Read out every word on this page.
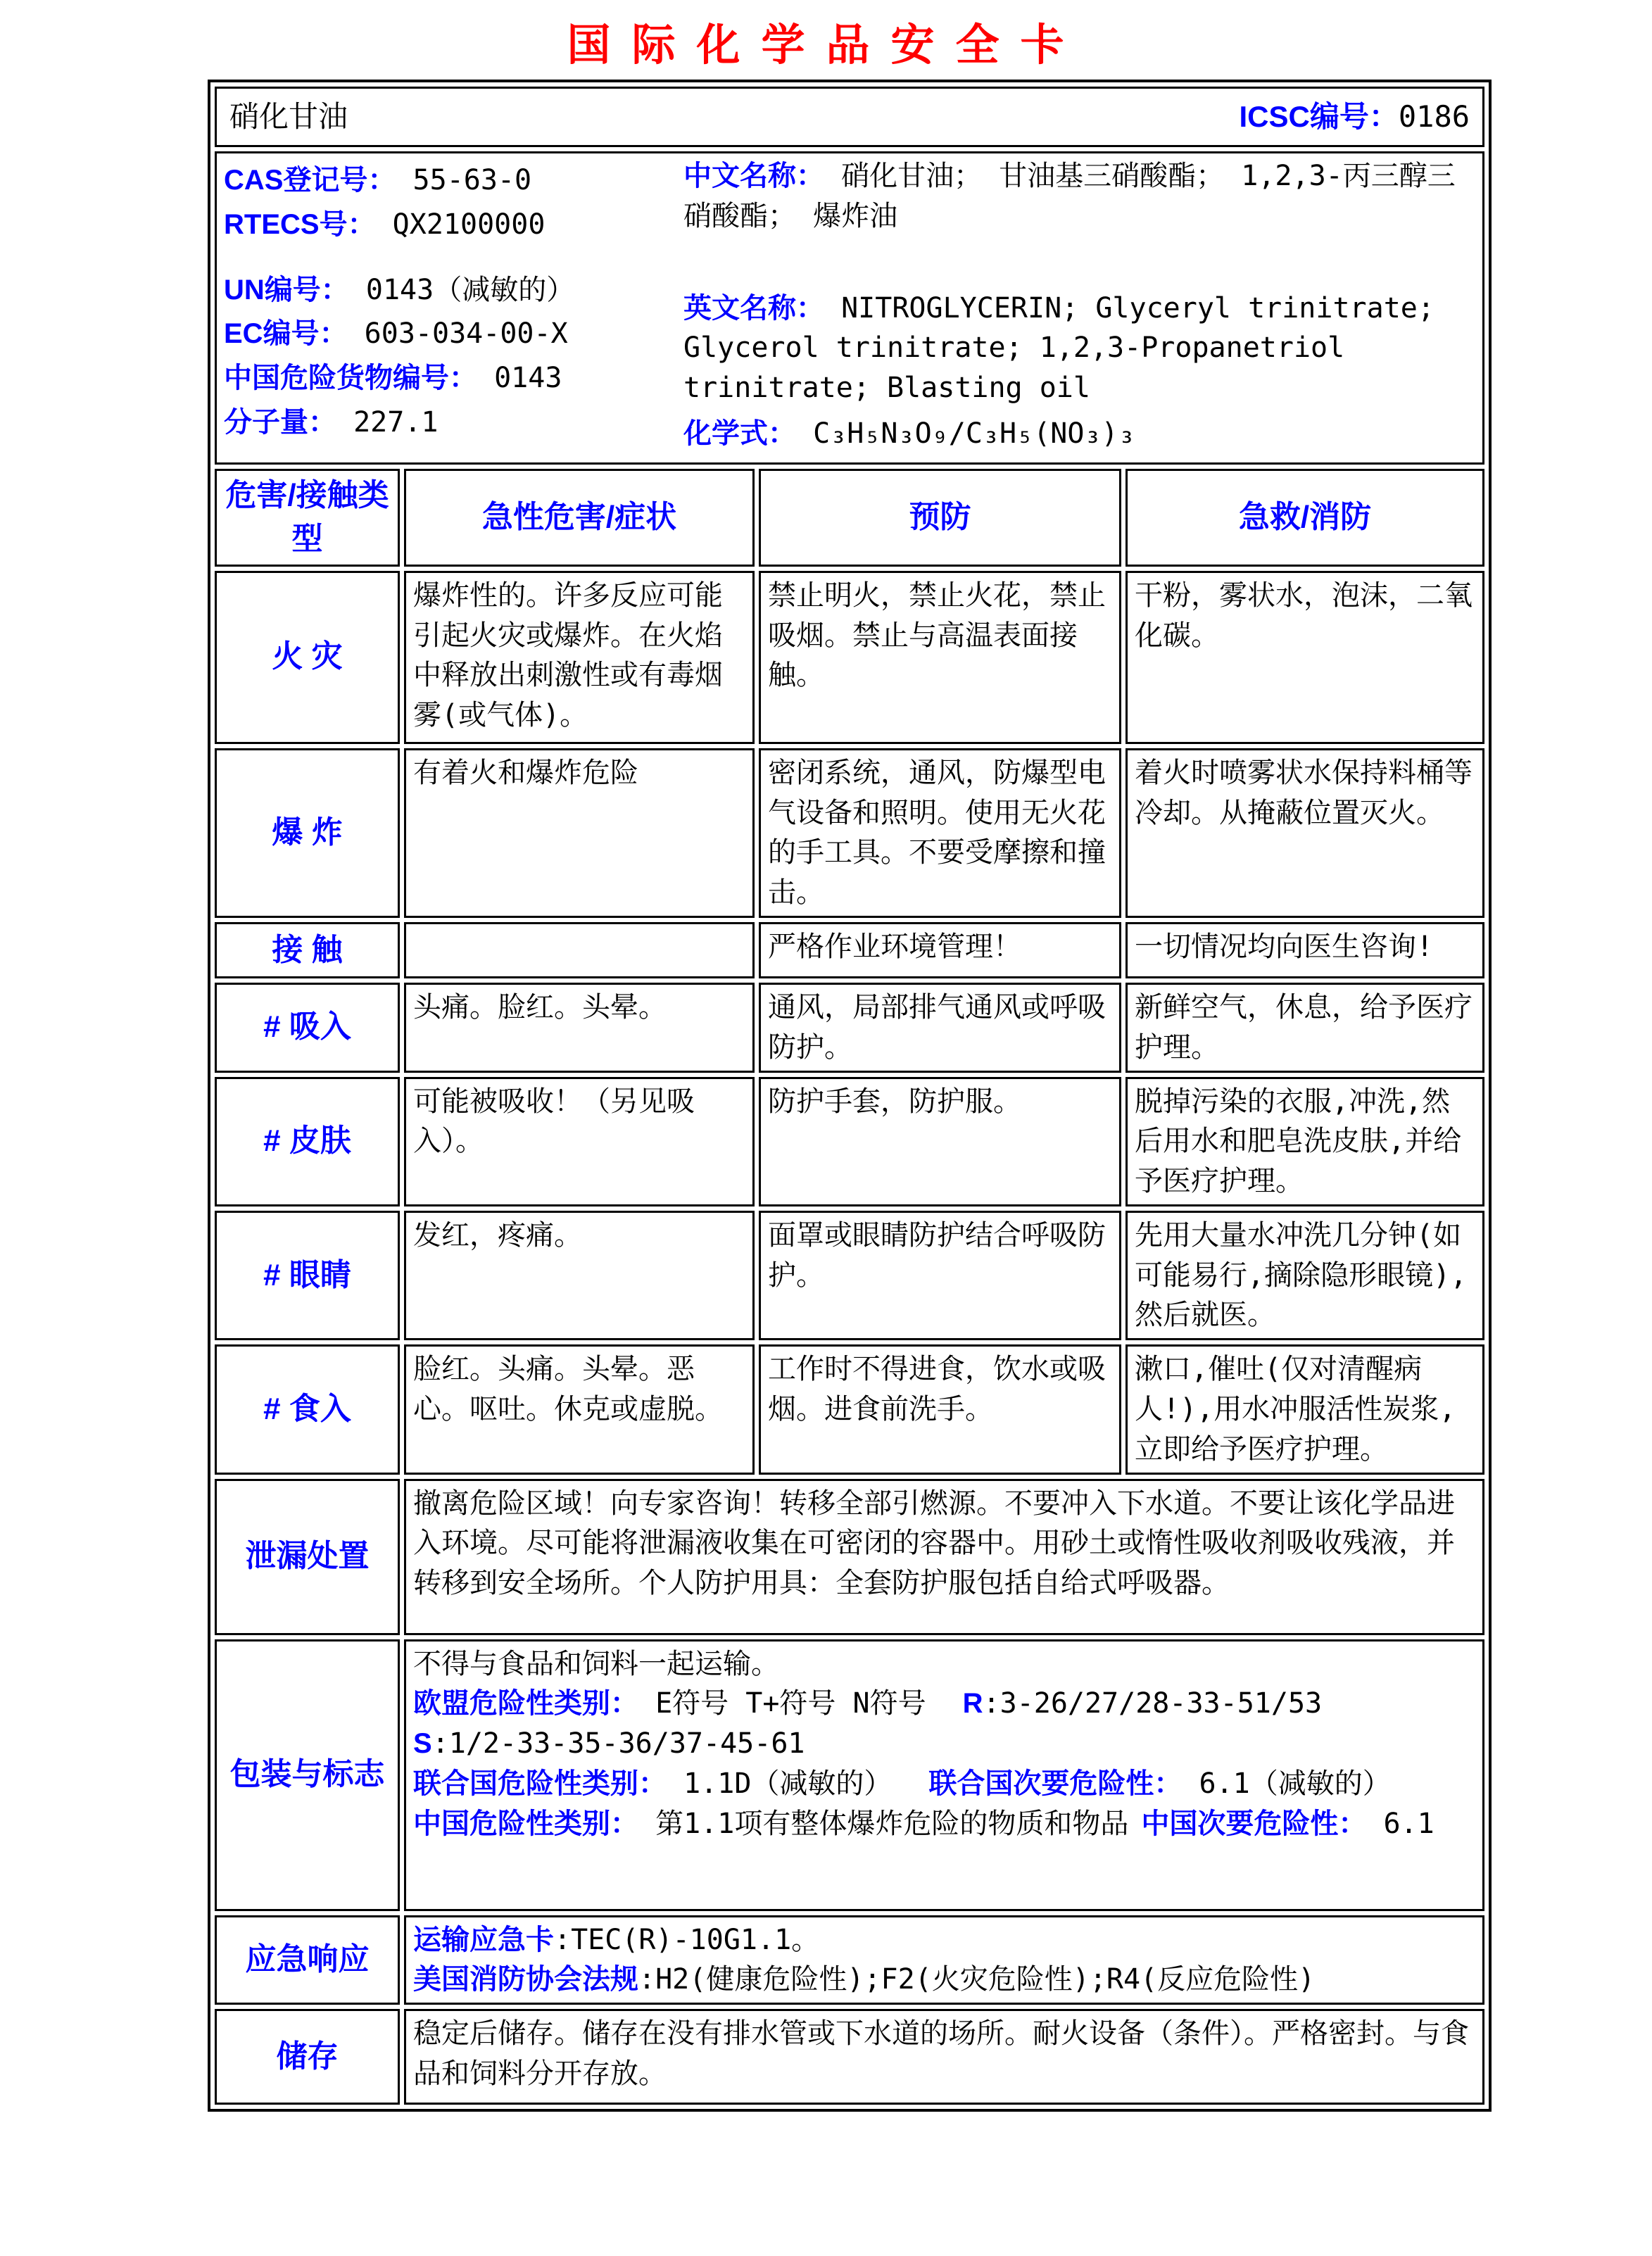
国际化学品安全卡
硝化甘油 ICSC编号：0186			

CAS登记号： 55-63-0
RTECS号： QX2100000
UN编号： 0143（减敏的）
EC编号： 603-034-00-X
中国危险货物编号： 0143
分子量： 227.1

中文名称： 硝化甘油； 甘油基三硝酸酯； 1,2,3-丙三醇三硝酸酯； 爆炸油

英文名称： NITROGLYCERIN; Glyceryl trinitrate; Glycerol trinitrate; 1,2,3-Propanetriol trinitrate; Blasting oil

化学式： C₃H₅N₃O₉/C₃H₅(NO₃)₃

危害/接触类型	急性危害/症状	预防	急救/消防
火 灾	爆炸性的。许多反应可能引起火灾或爆炸。在火焰中释放出刺激性或有毒烟雾(或气体)。	禁止明火，禁止火花，禁止吸烟。禁止与高温表面接触。	干粉，雾状水，泡沫，二氧化碳。
爆 炸	有着火和爆炸危险	密闭系统，通风，防爆型电气设备和照明。使用无火花的手工具。不要受摩擦和撞击。	着火时喷雾状水保持料桶等冷却。从掩蔽位置灭火。
接 触		严格作业环境管理！	一切情况均向医生咨询!
# 吸入	头痛。脸红。头晕。	通风，局部排气通风或呼吸防护。	新鲜空气，休息，给予医疗护理。
# 皮肤	可能被吸收！（另见吸入）。	防护手套，防护服。	脱掉污染的衣服,冲洗,然后用水和肥皂洗皮肤,并给予医疗护理。
# 眼睛	发红，疼痛。	面罩或眼睛防护结合呼吸防护。	先用大量水冲洗几分钟(如可能易行,摘除隐形眼镜),然后就医。
# 食入	脸红。头痛。头晕。恶心。呕吐。休克或虚脱。	工作时不得进食，饮水或吸烟。进食前洗手。	漱口,催吐(仅对清醒病人!),用水冲服活性炭浆,立即给予医疗护理。
泄漏处置	撤离危险区域！向专家咨询！转移全部引燃源。不要冲入下水道。不要让该化学品进入环境。尽可能将泄漏液收集在可密闭的容器中。用砂土或惰性吸收剂吸收残液，并转移到安全场所。个人防护用具：全套防护服包括自给式呼吸器。		
包装与标志	不得与食品和饲料一起运输。

欧盟危险性类别： E符号 T+符号 N符号 R:3-26/27/28-33-51/53

S:1/2-33-35-36/37-45-61

联合国危险性类别： 1.1D（减敏的） 联合国次要危险性： 6.1（减敏的）

中国危险性类别： 第1.1项有整体爆炸危险的物质和物品 中国次要危险性： 6.1		

应急响应	运输应急卡:TEC(R)-10G1.1。

美国消防协会法规:H2(健康危险性);F2(火灾危险性);R4(反应危险性)		

储存	稳定后储存。储存在没有排水管或下水道的场所。耐火设备（条件）。严格密封。与食品和饲料分开存放。		
